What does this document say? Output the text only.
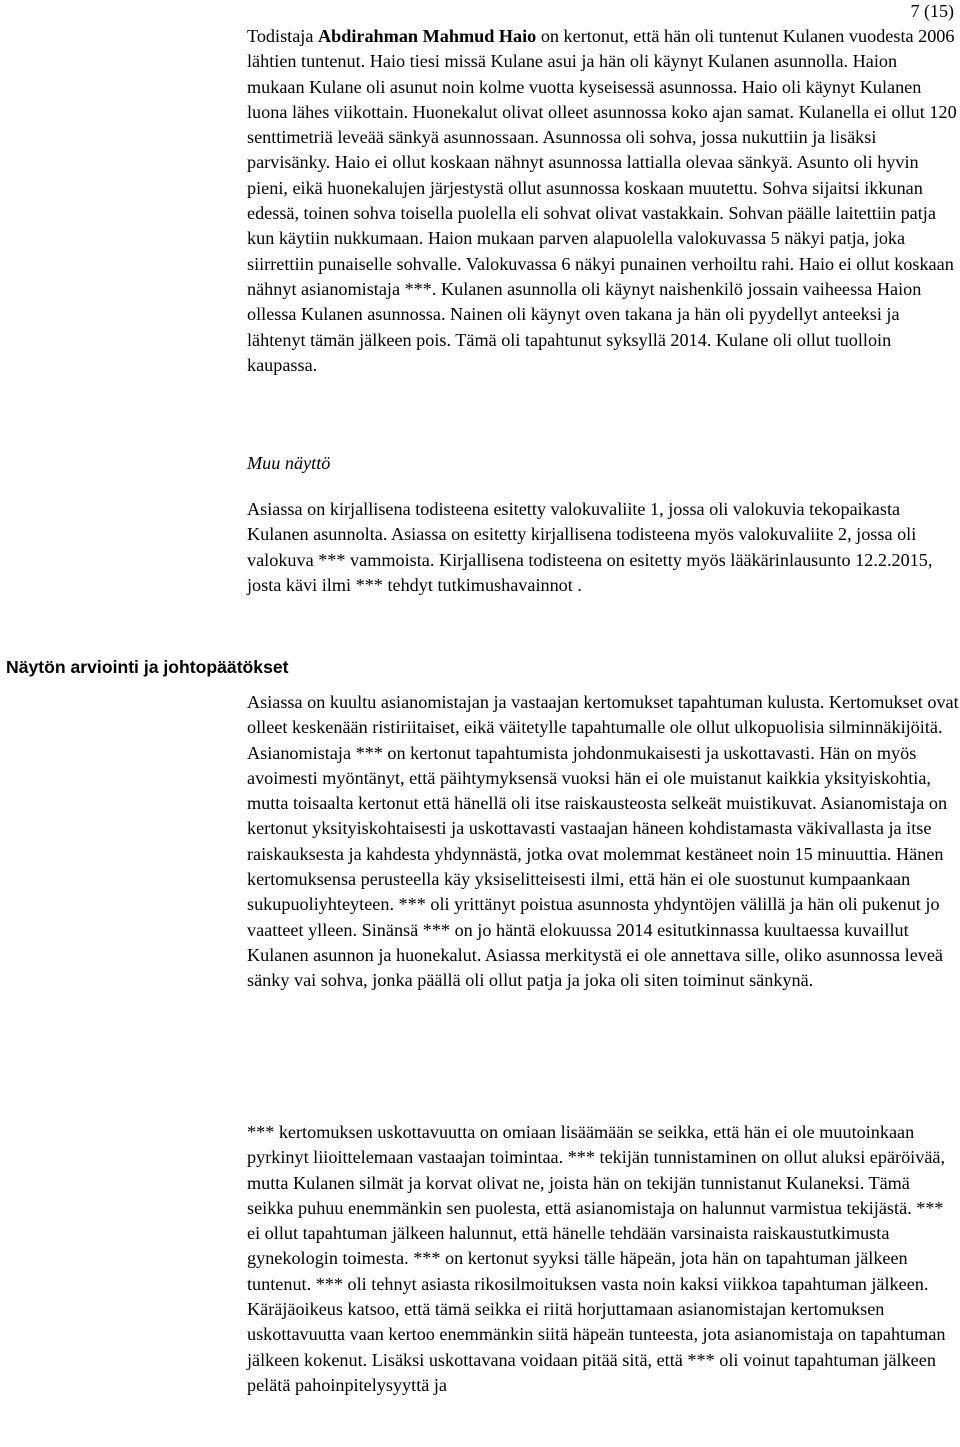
7 (15)

Todistaja Abdirahman Mahmud Haio on kertonut, että hän oli tuntenut Kulanen vuodesta 2006 lähtien tuntenut. Haio tiesi missä Kulane asui ja hän oli käynyt Kulanen asunnolla. Haion mukaan Kulane oli asunut noin kolme vuotta kyseisessä asunnossa. Haio oli käynyt Kulanen luona lähes viikottain. Huonekalut olivat olleet asunnossa koko ajan samat. Kulanella ei ollut 120 senttimetriä leveää sänkyä asunnossaan. Asunnossa oli sohva, jossa nukuttiin ja lisäksi parvisänky. Haio ei ollut koskaan nähnyt asunnossa lattialla olevaa sänkyä. Asunto oli hyvin pieni, eikä huonekalujen järjestystä ollut asunnossa koskaan muutettu. Sohva sijaitsi ikkunan edessä, toinen sohva toisella puolella eli sohvat olivat vastakkain. Sohvan päälle laitettiin patja kun käytiin nukkumaan. Haion mukaan parven alapuolella valokuvassa 5 näkyi patja, joka siirrettiin punaiselle sohvalle. Valokuvassa 6 näkyi punainen verhoiltu rahi. Haio ei ollut koskaan nähnyt asianomistaja ***. Kulanen asunnolla oli käynyt naishenkilö jossain vaiheessa Haion ollessa Kulanen asunnossa. Nainen oli käynyt oven takana ja hän oli pyydellyt anteeksi ja lähtenyt tämän jälkeen pois. Tämä oli tapahtunut syksyllä 2014. Kulane oli ollut tuolloin kaupassa.

Muu näyttö

Asiassa on kirjallisena todisteena esitetty valokuvaliite 1, jossa oli valokuvia tekopaikasta Kulanen asunnolta. Asiassa on esitetty kirjallisena todisteena myös valokuvaliite 2, jossa oli valokuva *** vammoista. Kirjallisena todisteena on esitetty myös lääkärinlausunto 12.2.2015, josta kävi ilmi *** tehdyt tutkimushavainnot .

Näytön arviointi ja johtopäätökset

Asiassa on kuultu asianomistajan ja vastaajan kertomukset tapahtuman kulusta. Kertomukset ovat olleet keskenään ristiriitaiset, eikä väitetylle tapahtumalle ole ollut ulkopuolisia silminnäkijöitä. Asianomistaja *** on kertonut tapahtumista johdonmukaisesti ja uskottavasti. Hän on myös avoimesti myöntänyt, että päihtymyksensä vuoksi hän ei ole muistanut kaikkia yksityiskohtia, mutta toisaalta kertonut että hänellä oli itse raiskausteosta selkeät muistikuvat. Asianomistaja on kertonut yksityiskohtaisesti ja uskottavasti vastaajan häneen kohdistamasta väkivallasta ja itse raiskauksesta ja kahdesta yhdynnästä, jotka ovat molemmat kestäneet noin 15 minuuttia. Hänen kertomuksensa perusteella käy yksiselitteisesti ilmi, että hän ei ole suostunut kumpaankaan sukupuoliyhteyteen. *** oli yrittänyt poistua asunnosta yhdyntöjen välillä ja hän oli pukenut jo vaatteet ylleen. Sinänsä *** on jo häntä elokuussa 2014 esitutkinnassa kuultaessa kuvaillut Kulanen asunnon ja huonekalut. Asiassa merkitystä ei ole annettava sille, oliko asunnossa leveä sänky vai sohva, jonka päällä oli ollut patja ja joka oli siten toiminut sänkynä.

*** kertomuksen uskottavuutta on omiaan lisäämään se seikka, että hän ei ole muutoinkaan pyrkinyt liioittelemaan vastaajan toimintaa. *** tekijän tunnistaminen on ollut aluksi epäröivää, mutta Kulanen silmät ja korvat olivat ne, joista hän on tekijän tunnistanut Kulaneksi. Tämä seikka puhuu enemmänkin sen puolesta, että asianomistaja on halunnut varmistua tekijästä. *** ei ollut tapahtuman jälkeen halunnut, että hänelle tehdään varsinaista raiskaustutkimusta gynekologin toimesta. *** on kertonut syyksi tälle häpeän, jota hän on tapahtuman jälkeen tuntenut. *** oli tehnyt asiasta rikosilmoituksen vasta noin kaksi viikkoa tapahtuman jälkeen. Käräjäoikeus katsoo, että tämä seikka ei riitä horjuttamaan asianomistajan kertomuksen uskottavuutta vaan kertoo enemmänkin siitä häpeän tunteesta, jota asianomistaja on tapahtuman jälkeen kokenut. Lisäksi uskottavana voidaan pitää sitä, että *** oli voinut tapahtuman jälkeen pelätä pahoinpitelysyyttä ja
